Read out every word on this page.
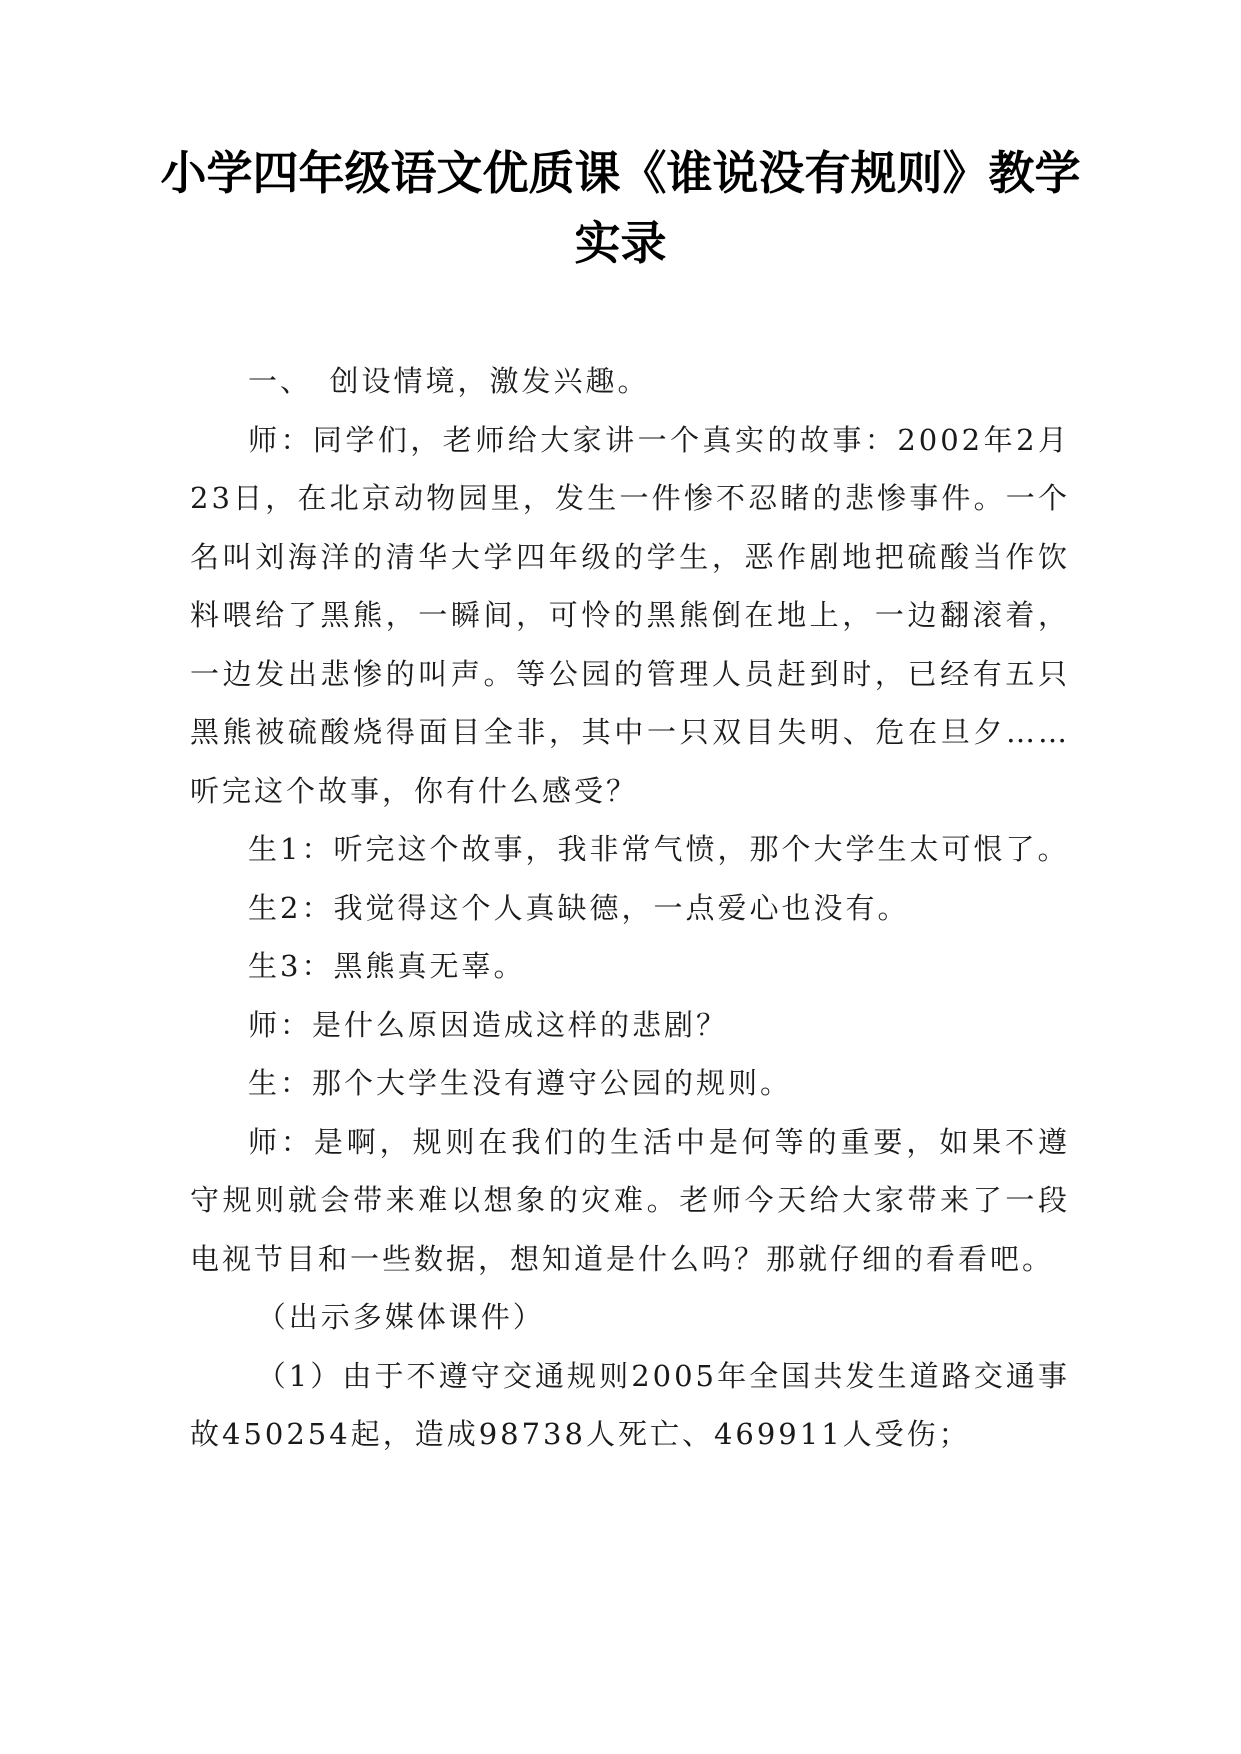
小学四年级语文优质课《谁说没有规则》教学实录

一、　创设情境，激发兴趣。

师：同学们，老师给大家讲一个真实的故事：2002年2月23日，在北京动物园里，发生一件惨不忍睹的悲惨事件。一个名叫刘海洋的清华大学四年级的学生，恶作剧地把硫酸当作饮料喂给了黑熊，一瞬间，可怜的黑熊倒在地上，一边翻滚着，一边发出悲惨的叫声。等公园的管理人员赶到时，已经有五只黑熊被硫酸烧得面目全非，其中一只双目失明、危在旦夕……听完这个故事，你有什么感受？

生1：听完这个故事，我非常气愤，那个大学生太可恨了。

生2：我觉得这个人真缺德，一点爱心也没有。

生3：黑熊真无辜。

师：是什么原因造成这样的悲剧？

生：那个大学生没有遵守公园的规则。

师：是啊，规则在我们的生活中是何等的重要，如果不遵守规则就会带来难以想象的灾难。老师今天给大家带来了一段电视节目和一些数据，想知道是什么吗？那就仔细的看看吧。

（出示多媒体课件）

（1）由于不遵守交通规则2005年全国共发生道路交通事故450254起，造成98738人死亡、469911人受伤；
